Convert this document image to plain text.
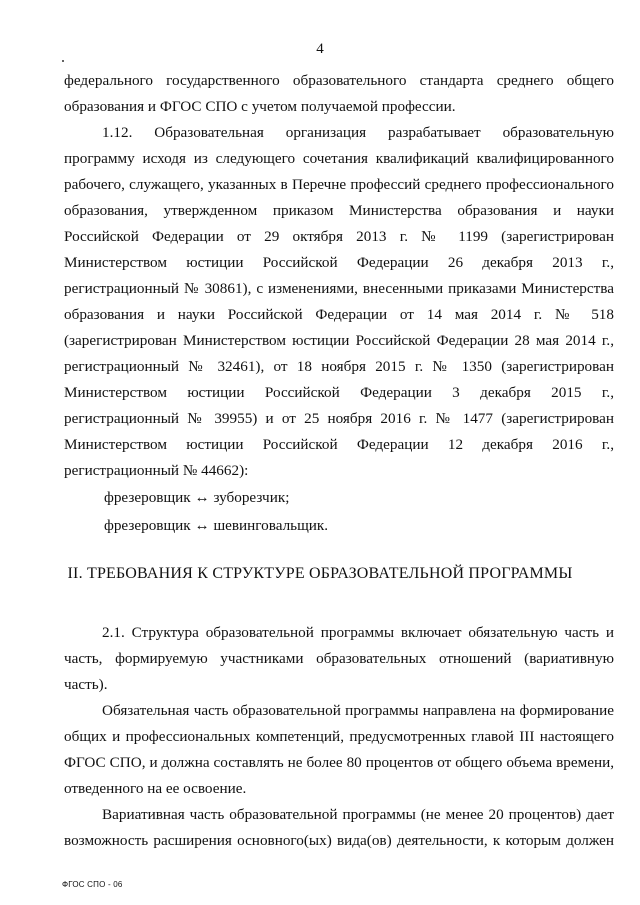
4
федерального государственного образовательного стандарта среднего общего
образования и ФГОС СПО с учетом получаемой профессии.
1.12. Образовательная организация разрабатывает образовательную
программу исходя из следующего сочетания квалификаций квалифицированного
рабочего, служащего, указанных в Перечне профессий среднего профессионального
образования, утвержденном приказом Министерства образования и науки
Российской Федерации от 29 октября 2013 г. № 1199 (зарегистрирован
Министерством юстиции Российской Федерации 26 декабря 2013 г.,
регистрационный № 30861), с изменениями, внесенными приказами Министерства
образования и науки Российской Федерации от 14 мая 2014 г. № 518
(зарегистрирован Министерством юстиции Российской Федерации 28 мая 2014 г.,
регистрационный № 32461), от 18 ноября 2015 г. № 1350 (зарегистрирован
Министерством юстиции Российской Федерации 3 декабря 2015 г.,
регистрационный № 39955) и от 25 ноября 2016 г. № 1477 (зарегистрирован
Министерством юстиции Российской Федерации 12 декабря 2016 г.,
регистрационный № 44662):
фрезеровщик ↔ зуборезчик;
фрезеровщик ↔ шевинговальщик.
II. ТРЕБОВАНИЯ К СТРУКТУРЕ ОБРАЗОВАТЕЛЬНОЙ ПРОГРАММЫ
2.1. Структура образовательной программы включает обязательную часть и
часть, формируемую участниками образовательных отношений (вариативную
часть).
Обязательная часть образовательной программы направлена на формирование
общих и профессиональных компетенций, предусмотренных главой III настоящего
ФГОС СПО, и должна составлять не более 80 процентов от общего объема времени,
отведенного на ее освоение.
Вариативная часть образовательной программы (не менее 20 процентов) дает
возможность расширения основного(ых) вида(ов) деятельности, к которым должен
ФГОС СПО - 06
